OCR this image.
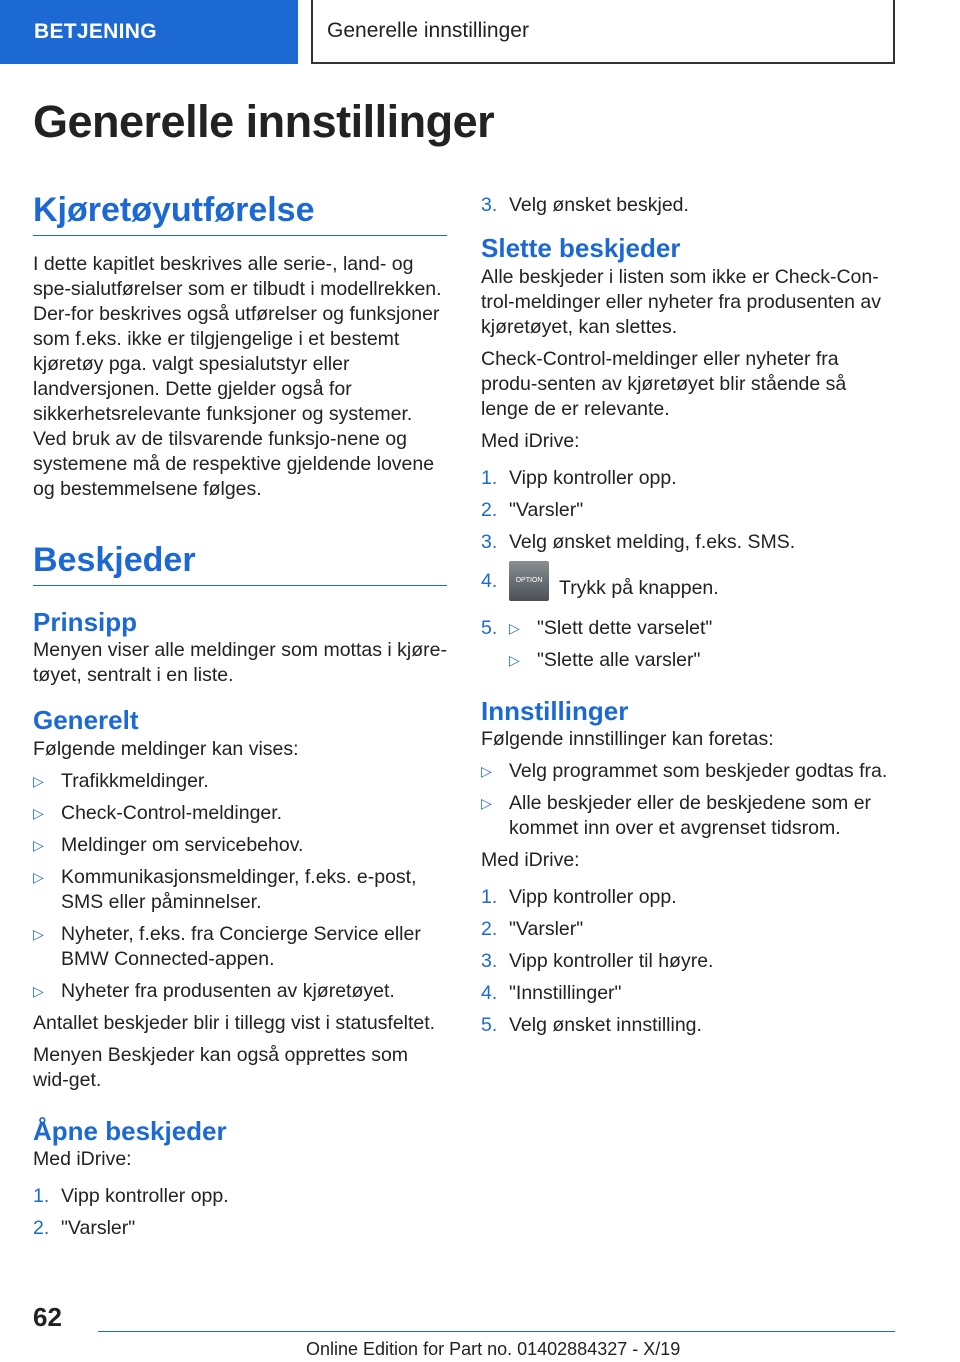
BETJENING	Generelle innstillinger
Generelle innstillinger
Kjøretøyutførelse

I dette kapitlet beskrives alle serie-, land- og spe-sialutførelser som er tilbudt i modellrekken. Der-for beskrives også utførelser og funksjoner som f.eks. ikke er tilgjengelige i et bestemt kjøretøy pga. valgt spesialutstyr eller landversjonen. Dette gjelder også for sikkerhetsrelevante funksjoner og systemer. Ved bruk av de tilsvarende funksjo-nene og systemene må de respektive gjeldende lovene og bestemmelsene følges.

Beskjeder
Prinsipp

Menyen viser alle meldinger som mottas i kjøre-tøyet, sentralt i en liste.

Generelt

Følgende meldinger kan vises:

▷ Trafikkmeldinger.
▷ Check-Control-meldinger.
▷ Meldinger om servicebehov.
▷ Kommunikasjonsmeldinger, f.eks. e-post, SMS eller påminnelser.
▷ Nyheter, f.eks. fra Concierge Service eller BMW Connected-appen.
▷ Nyheter fra produsenten av kjøretøyet.

Antallet beskjeder blir i tillegg vist i statusfeltet.

Menyen Beskjeder kan også opprettes som wid-get.

Åpne beskjeder

Med iDrive:

1. Vipp kontroller opp.
2. "Varsler"
3. Velg ønsket beskjed.
Slette beskjeder

Alle beskjeder i listen som ikke er Check-Con-trol-meldinger eller nyheter fra produsenten av kjøretøyet, kan slettes.

Check-Control-meldinger eller nyheter fra produ-senten av kjøretøyet blir stående så lenge de er relevante.

Med iDrive:

1. Vipp kontroller opp.
2. "Varsler"
3. Velg ønsket melding, f.eks. SMS.
4.	OPTION Trykk på knappen.
5. ▷ "Slett dette varselet"
▷ "Slette alle varsler"
Innstillinger

Følgende innstillinger kan foretas:

▷ Velg programmet som beskjeder godtas fra.
▷ Alle beskjeder eller de beskjedene som er kommet inn over et avgrenset tidsrom.

Med iDrive:

1. Vipp kontroller opp.
2. "Varsler"
3. Vipp kontroller til høyre.
4. "Innstillinger"
5. Velg ønsket innstilling.
62
Online Edition for Part no. 01402884327 - X/19
